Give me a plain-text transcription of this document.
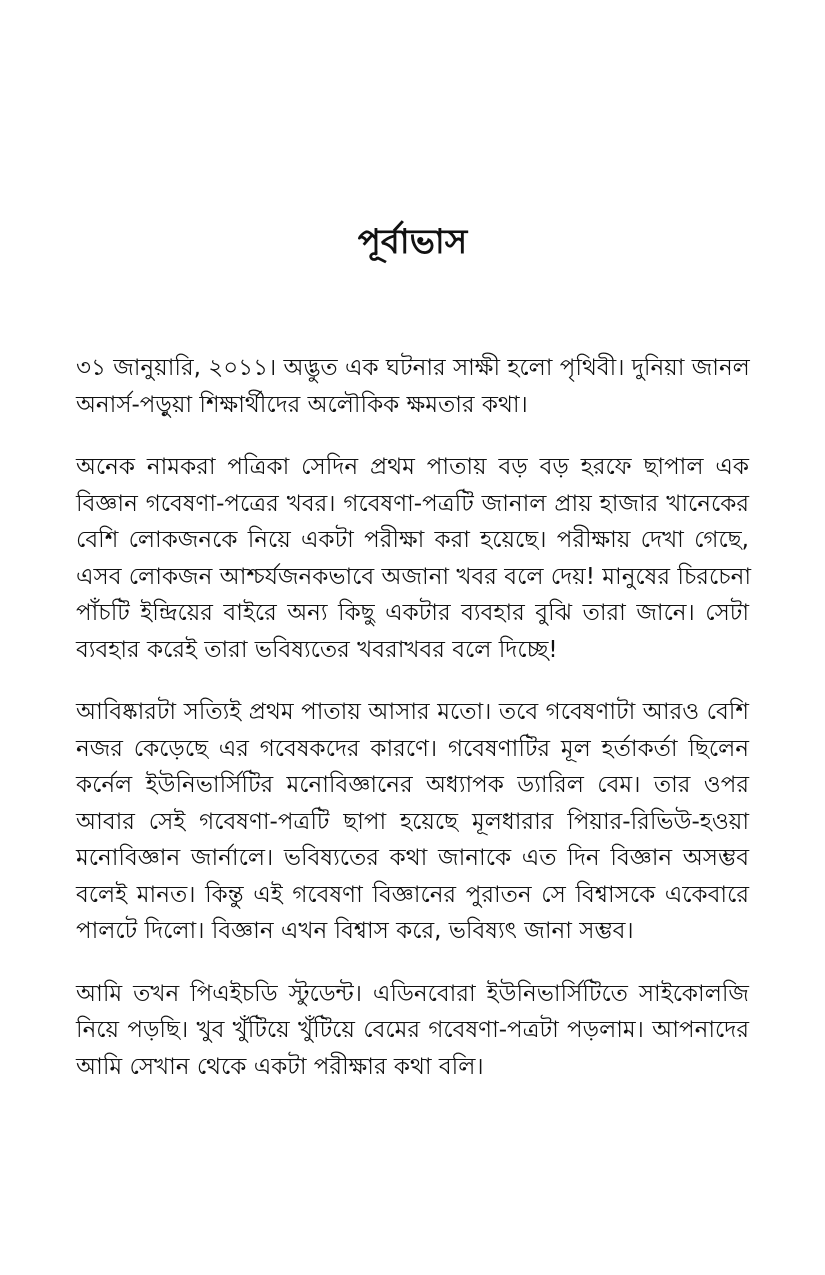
পূর্বাভাস

৩১ জানুয়ারি, ২০১১। অদ্ভুত এক ঘটনার সাক্ষী হলো পৃথিবী। দুনিয়া জানল
অনার্স-পড়ুয়া শিক্ষার্থীদের অলৌকিক ক্ষমতার কথা।

অনেক নামকরা পত্রিকা সেদিন প্রথম পাতায় বড় বড় হরফে ছাপাল এক
বিজ্ঞান গবেষণা-পত্রের খবর। গবেষণা-পত্রটি জানাল প্রায় হাজার খানেকের
বেশি লোকজনকে নিয়ে একটা পরীক্ষা করা হয়েছে। পরীক্ষায় দেখা গেছে,
এসব লোকজন আশ্চর্যজনকভাবে অজানা খবর বলে দেয়! মানুষের চিরচেনা
পাঁচটি ইন্দ্রিয়ের বাইরে অন্য কিছু একটার ব্যবহার বুঝি তারা জানে। সেটা
ব্যবহার করেই তারা ভবিষ্যতের খবরাখবর বলে দিচ্ছে!

আবিষ্কারটা সত্যিই প্রথম পাতায় আসার মতো। তবে গবেষণাটা আরও বেশি
নজর কেড়েছে এর গবেষকদের কারণে। গবেষণাটির মূল হর্তাকর্তা ছিলেন
কর্নেল ইউনিভার্সিটির মনোবিজ্ঞানের অধ্যাপক ড্যারিল বেম। তার ওপর
আবার সেই গবেষণা-পত্রটি ছাপা হয়েছে মূলধারার পিয়ার-রিভিউ-হওয়া
মনোবিজ্ঞান জার্নালে। ভবিষ্যতের কথা জানাকে এত দিন বিজ্ঞান অসম্ভব
বলেই মানত। কিন্তু এই গবেষণা বিজ্ঞানের পুরাতন সে বিশ্বাসকে একেবারে
পালটে দিলো। বিজ্ঞান এখন বিশ্বাস করে, ভবিষ্যৎ জানা সম্ভব।

আমি তখন পিএইচডি স্টুডেন্ট। এডিনবোরা ইউনিভার্সিটিতে সাইকোলজি
নিয়ে পড়ছি। খুব খুঁটিয়ে খুঁটিয়ে বেমের গবেষণা-পত্রটা পড়লাম। আপনাদের
আমি সেখান থেকে একটা পরীক্ষার কথা বলি।
